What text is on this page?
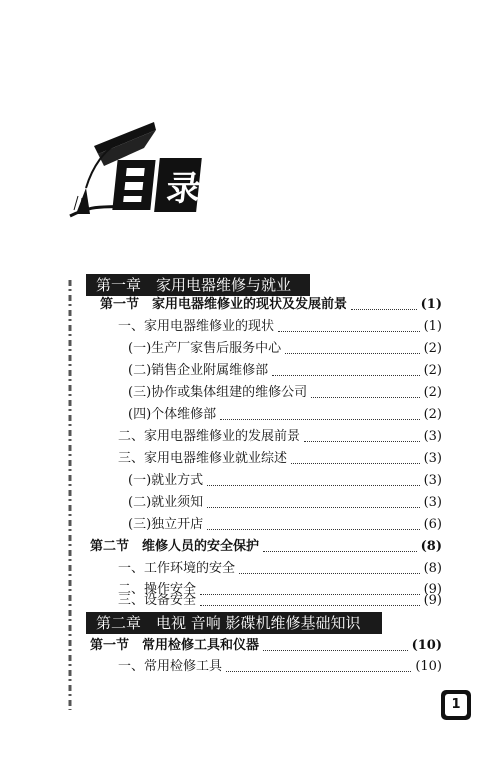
录
第一章　家用电器维修与就业
第二章　电视 音响 影碟机维修基础知识
第一节　家用电器维修业的现状及发展前景	(1)
一、家用电器维修业的现状	(1)
(一)生产厂家售后服务中心	(2)
(二)销售企业附属维修部	(2)
(三)协作或集体组建的维修公司	(2)
(四)个体维修部	(2)
二、家用电器维修业的发展前景	(3)
三、家用电器维修业就业综述	(3)
(一)就业方式	(3)
(二)就业须知	(3)
(三)独立开店	(6)
第二节　维修人员的安全保护	(8)
一、工作环境的安全	(8)
二、操作安全	(9)
三、设备安全	(9)
第一节　常用检修工具和仪器	(10)
一、常用检修工具	(10)
1
